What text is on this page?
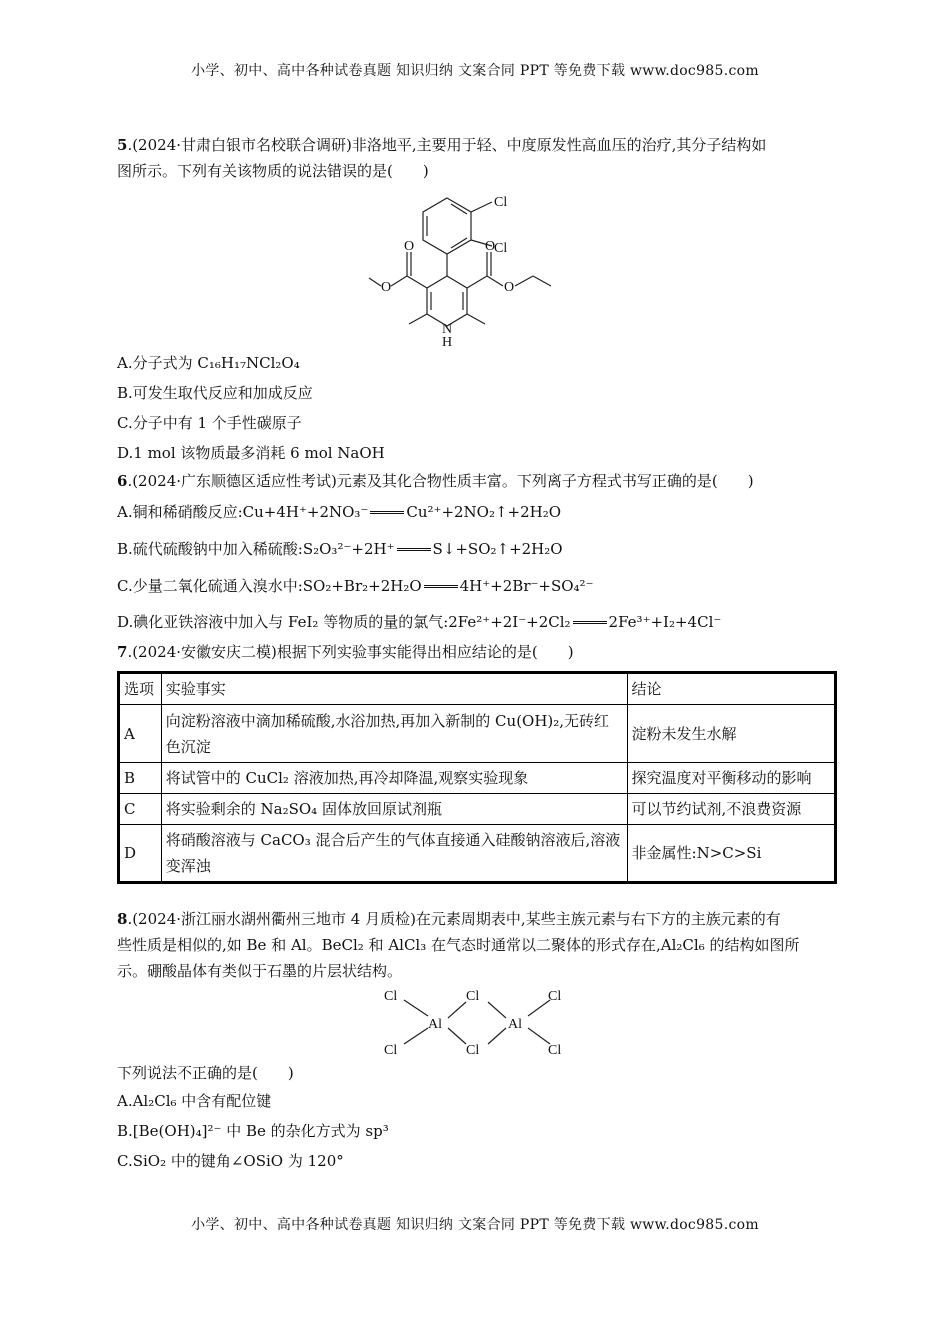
小学、初中、高中各种试卷真题 知识归纳 文案合同 PPT 等免费下载 www.doc985.com

5.(2024·甘肃白银市名校联合调研)非洛地平,主要用于轻、中度原发性高血压的治疗,其分子结构如

图所示。下列有关该物质的说法错误的是(　　)

Cl
Cl
O
O
O
O
N
H

A.分子式为 C₁₆H₁₇NCl₂O₄

B.可发生取代反应和加成反应

C.分子中有 1 个手性碳原子

D.1 mol 该物质最多消耗 6 mol NaOH

6.(2024·广东顺德区适应性考试)元素及其化合物性质丰富。下列离子方程式书写正确的是(　　)

A.铜和稀硝酸反应:Cu+4H⁺+2NO₃⁻	Cu²⁺+2NO₂↑+2H₂O

B.硫代硫酸钠中加入稀硫酸:S₂O₃²⁻+2H⁺	S↓+SO₂↑+2H₂O

C.少量二氧化硫通入溴水中:SO₂+Br₂+2H₂O	4H⁺+2Br⁻+SO₄²⁻

D.碘化亚铁溶液中加入与 FeI₂ 等物质的量的氯气:2Fe²⁺+2I⁻+2Cl₂	2Fe³⁺+I₂+4Cl⁻

7.(2024·安徽安庆二模)根据下列实验事实能得出相应结论的是(　　)

选项	实验事实	结论
A	向淀粉溶液中滴加稀硫酸,水浴加热,再加入新制的 Cu(OH)₂,无砖红色沉淀	淀粉未发生水解
B	将试管中的 CuCl₂ 溶液加热,再冷却降温,观察实验现象	探究温度对平衡移动的影响
C	将实验剩余的 Na₂SO₄ 固体放回原试剂瓶	可以节约试剂,不浪费资源
D	将硝酸溶液与 CaCO₃ 混合后产生的气体直接通入硅酸钠溶液后,溶液变浑浊	非金属性:N>C>Si

8.(2024·浙江丽水湖州衢州三地市 4 月质检)在元素周期表中,某些主族元素与右下方的主族元素的有

些性质是相似的,如 Be 和 Al。BeCl₂ 和 AlCl₃ 在气态时通常以二聚体的形式存在,Al₂Cl₆ 的结构如图所

示。硼酸晶体有类似于石墨的片层状结构。

Cl
Cl
Al
Cl
Cl
Al
Cl
Cl

下列说法不正确的是(　　)

A.Al₂Cl₆ 中含有配位键

B.[Be(OH)₄]²⁻ 中 Be 的杂化方式为 sp³

C.SiO₂ 中的键角∠OSiO 为 120°

小学、初中、高中各种试卷真题 知识归纳 文案合同 PPT 等免费下载 www.doc985.com
